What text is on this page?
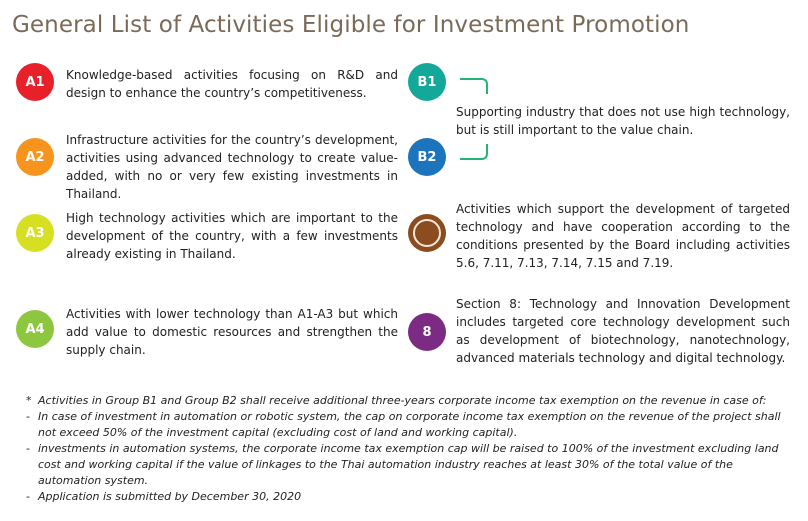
General List of Activities Eligible for Investment Promotion
A1	Knowledge-based activities focusing on R&D and design to enhance the country’s competitiveness.

A2

Infrastructure activities for the country’s development, activities using advanced technology to create value-added, with no or very few existing investments in Thailand.

A3

High technology activities which are important to the development of the country, with a few investments already existing in Thailand.

A4

Activities with lower technology than A1-A3 but which add value to domestic resources and strengthen the supply chain.

B1

Supporting industry that does not use high technology, but is still important to the value chain.

B2

Activities which support the development of targeted technology and have cooperation according to the conditions presented by the Board including activities 5.6, 7.11, 7.13, 7.14, 7.15 and 7.19.

8

Section 8: Technology and Innovation Development includes targeted core technology development such as development of biotechnology, nanotechnology, advanced materials technology and digital technology.

* Activities in Group B1 and Group B2 shall receive additional three-years corporate income tax exemption on the revenue in case of:

- In case of investment in automation or robotic system, the cap on corporate income tax exemption on the revenue of the project shall not exceed 50% of the investment capital (excluding cost of land and working capital).

- investments in automation systems, the corporate income tax exemption cap will be raised to 100% of the investment excluding land cost and working capital if the value of linkages to the Thai automation industry reaches at least 30% of the total value of the automation system.

- Application is submitted by December 30, 2020
